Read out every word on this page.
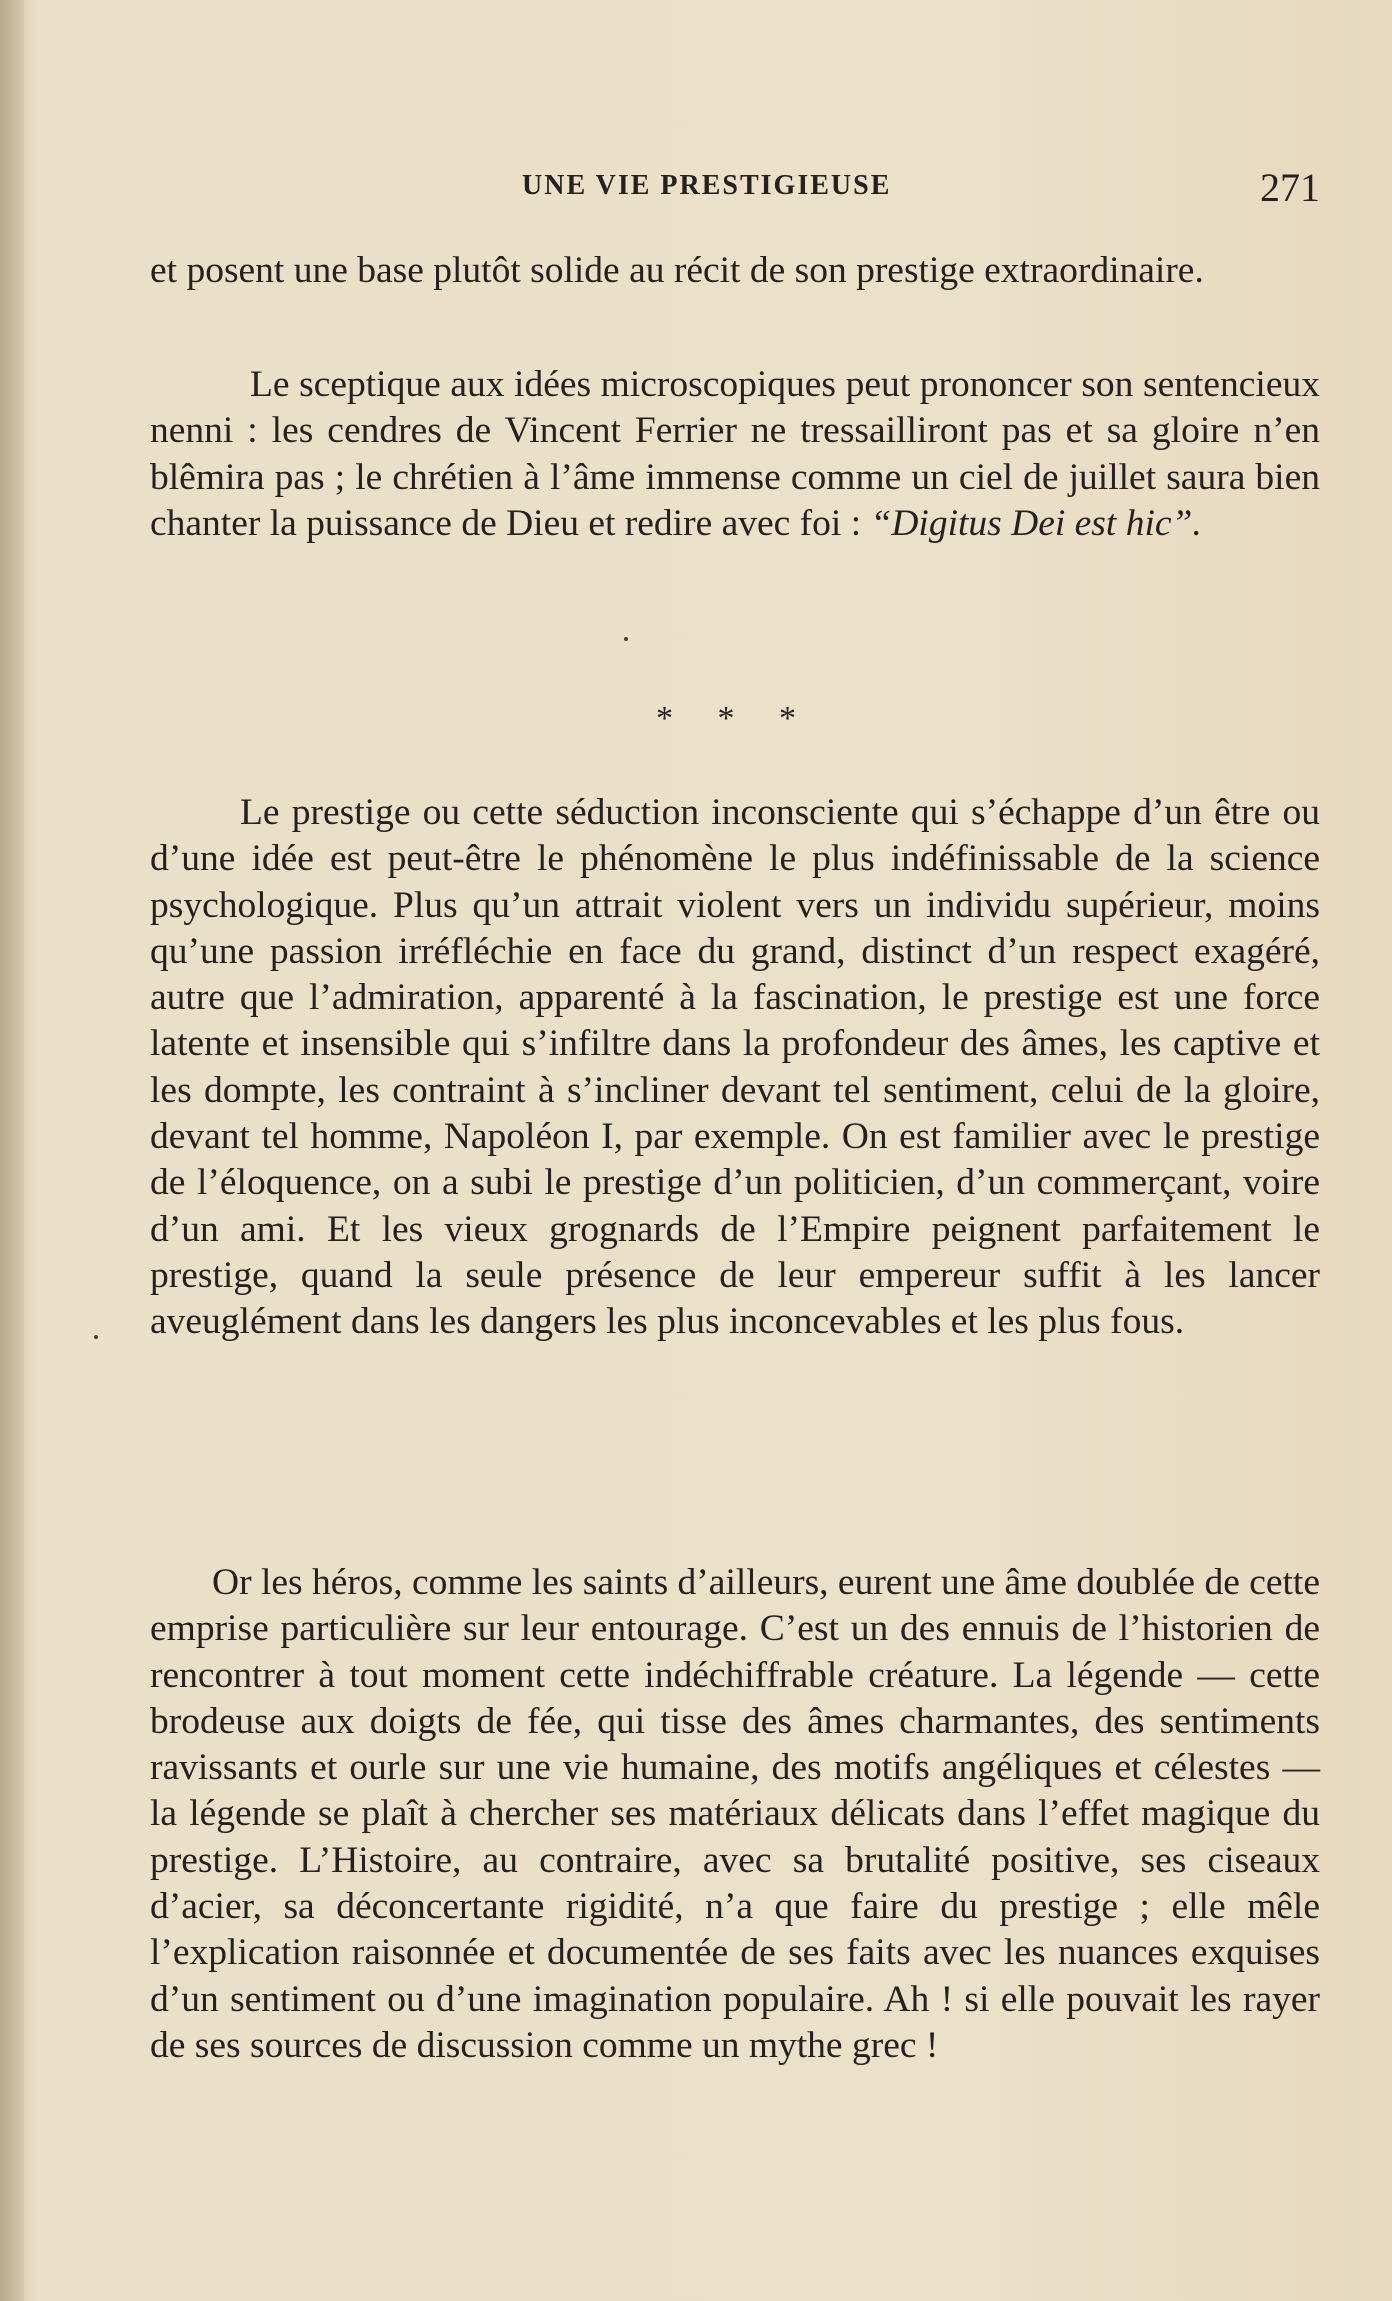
UNE VIE PRESTIGIEUSE	271

et posent une base plutôt solide au récit de son prestige extraordinaire.

Le sceptique aux idées microscopiques peut prononcer son sentencieux nenni : les cendres de Vincent Ferrier ne tressailliront pas et sa gloire n’en blêmira pas ; le chrétien à l’âme immense comme un ciel de juillet saura bien chanter la puissance de Dieu et redire avec foi : “Digitus Dei est hic”.

* * *

Le prestige ou cette séduction inconsciente qui s’échappe d’un être ou d’une idée est peut-être le phénomène le plus indéfinissable de la science psychologique. Plus qu’un attrait violent vers un individu supérieur, moins qu’une passion irréfléchie en face du grand, distinct d’un respect exagéré, autre que l’admiration, apparenté à la fascination, le prestige est une force latente et insensible qui s’infiltre dans la profondeur des âmes, les captive et les dompte, les contraint à s’incliner devant tel sentiment, celui de la gloire, devant tel homme, Napoléon I, par exemple. On est familier avec le prestige de l’éloquence, on a subi le prestige d’un politicien, d’un commerçant, voire d’un ami. Et les vieux grognards de l’Empire peignent parfaitement le prestige, quand la seule présence de leur empereur suffit à les lancer aveuglément dans les dangers les plus inconcevables et les plus fous.

Or les héros, comme les saints d’ailleurs, eurent une âme doublée de cette emprise particulière sur leur entourage. C’est un des ennuis de l’historien de rencontrer à tout moment cette indéchiffrable créature. La légende — cette brodeuse aux doigts de fée, qui tisse des âmes charmantes, des sentiments ravissants et ourle sur une vie humaine, des motifs angéliques et célestes — la légende se plaît à chercher ses matériaux délicats dans l’effet magique du prestige. L’Histoire, au contraire, avec sa brutalité positive, ses ciseaux d’acier, sa déconcertante rigidité, n’a que faire du prestige ; elle mêle l’explication raisonnée et documentée de ses faits avec les nuances exquises d’un sentiment ou d’une imagination populaire. Ah ! si elle pouvait les rayer de ses sources de discussion comme un mythe grec !
